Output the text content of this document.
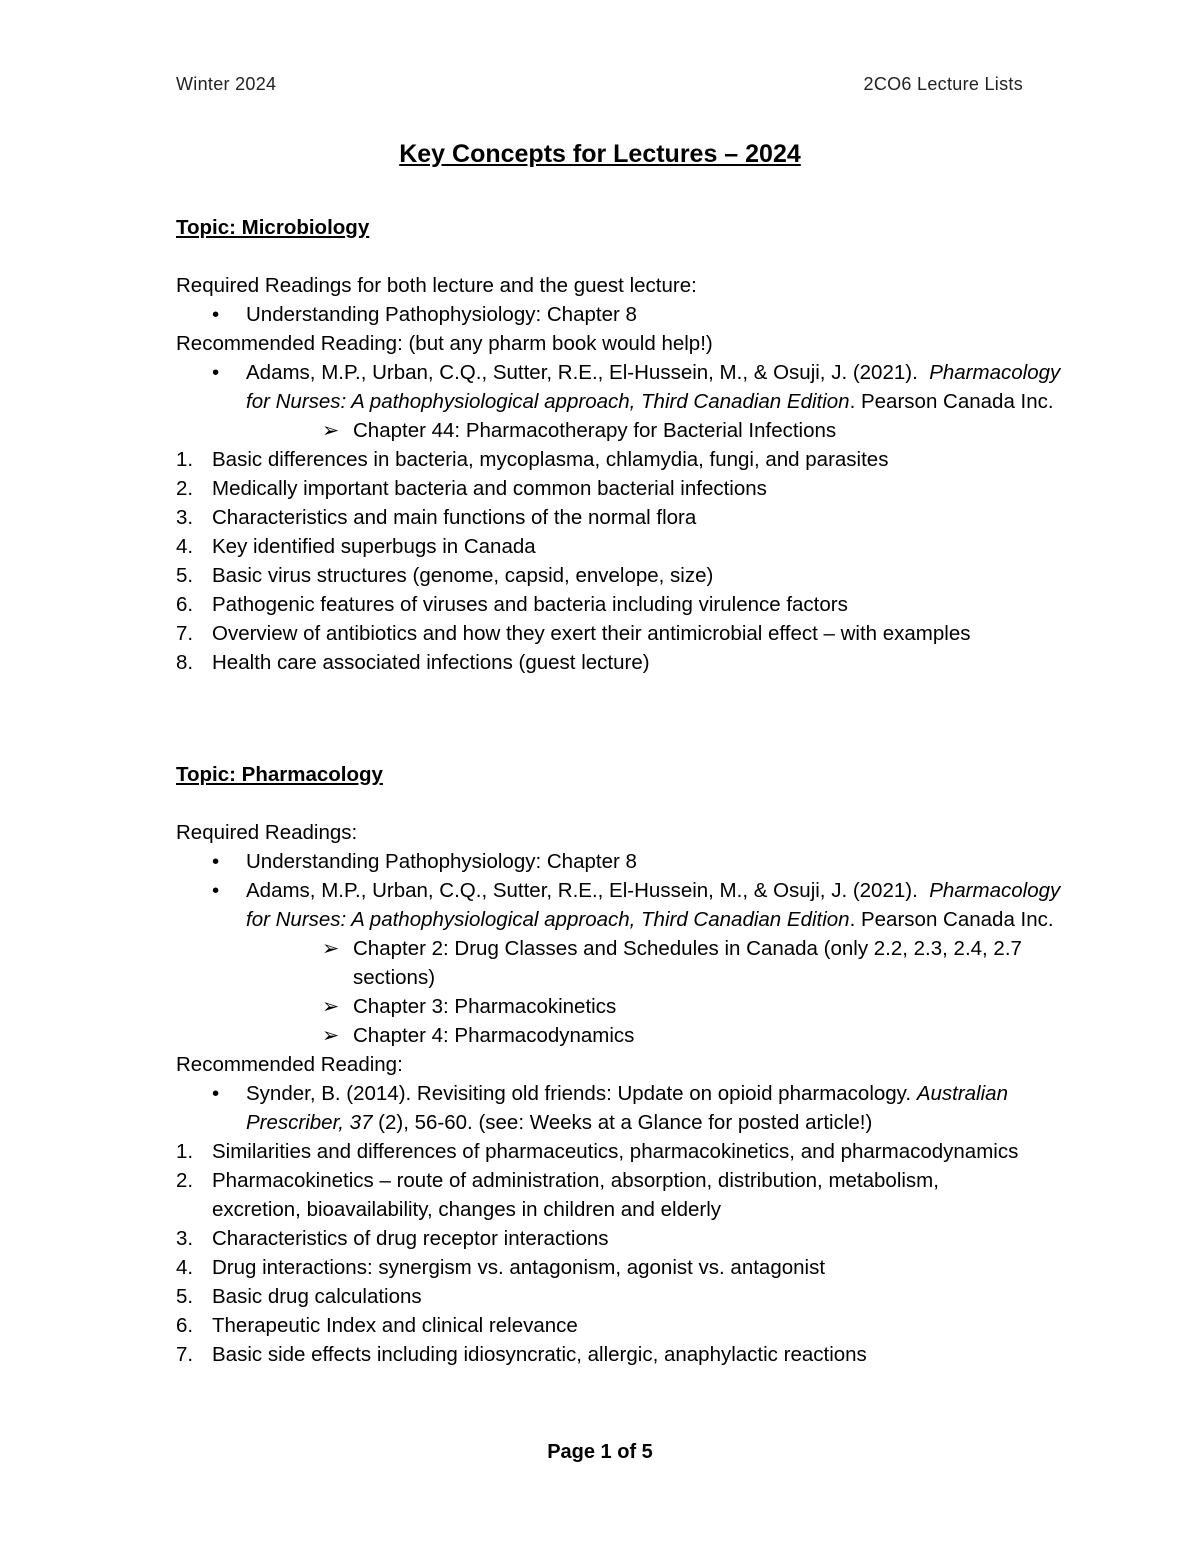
Winter 2024	2CO6 Lecture Lists
Key Concepts for Lectures – 2024
Topic: Microbiology
Required Readings for both lecture and the guest lecture:
• Understanding Pathophysiology: Chapter 8
Recommended Reading: (but any pharm book would help!)
• Adams, M.P., Urban, C.Q., Sutter, R.E., El-Hussein, M., & Osuji, J. (2021). Pharmacology
for Nurses: A pathophysiological approach, Third Canadian Edition. Pearson Canada Inc.
➢ Chapter 44: Pharmacotherapy for Bacterial Infections
1. Basic differences in bacteria, mycoplasma, chlamydia, fungi, and parasites
2. Medically important bacteria and common bacterial infections
3. Characteristics and main functions of the normal flora
4. Key identified superbugs in Canada
5. Basic virus structures (genome, capsid, envelope, size)
6. Pathogenic features of viruses and bacteria including virulence factors
7. Overview of antibiotics and how they exert their antimicrobial effect – with examples
8. Health care associated infections (guest lecture)
Topic: Pharmacology
Required Readings:
• Understanding Pathophysiology: Chapter 8
• Adams, M.P., Urban, C.Q., Sutter, R.E., El-Hussein, M., & Osuji, J. (2021). Pharmacology
for Nurses: A pathophysiological approach, Third Canadian Edition. Pearson Canada Inc.
➢ Chapter 2: Drug Classes and Schedules in Canada (only 2.2, 2.3, 2.4, 2.7
sections)
➢ Chapter 3: Pharmacokinetics
➢ Chapter 4: Pharmacodynamics
Recommended Reading:
• Synder, B. (2014). Revisiting old friends: Update on opioid pharmacology. Australian
Prescriber, 37 (2), 56-60. (see: Weeks at a Glance for posted article!)
1. Similarities and differences of pharmaceutics, pharmacokinetics, and pharmacodynamics
2. Pharmacokinetics – route of administration, absorption, distribution, metabolism,
excretion, bioavailability, changes in children and elderly
3. Characteristics of drug receptor interactions
4. Drug interactions: synergism vs. antagonism, agonist vs. antagonist
5. Basic drug calculations
6. Therapeutic Index and clinical relevance
7. Basic side effects including idiosyncratic, allergic, anaphylactic reactions
Page 1 of 5
